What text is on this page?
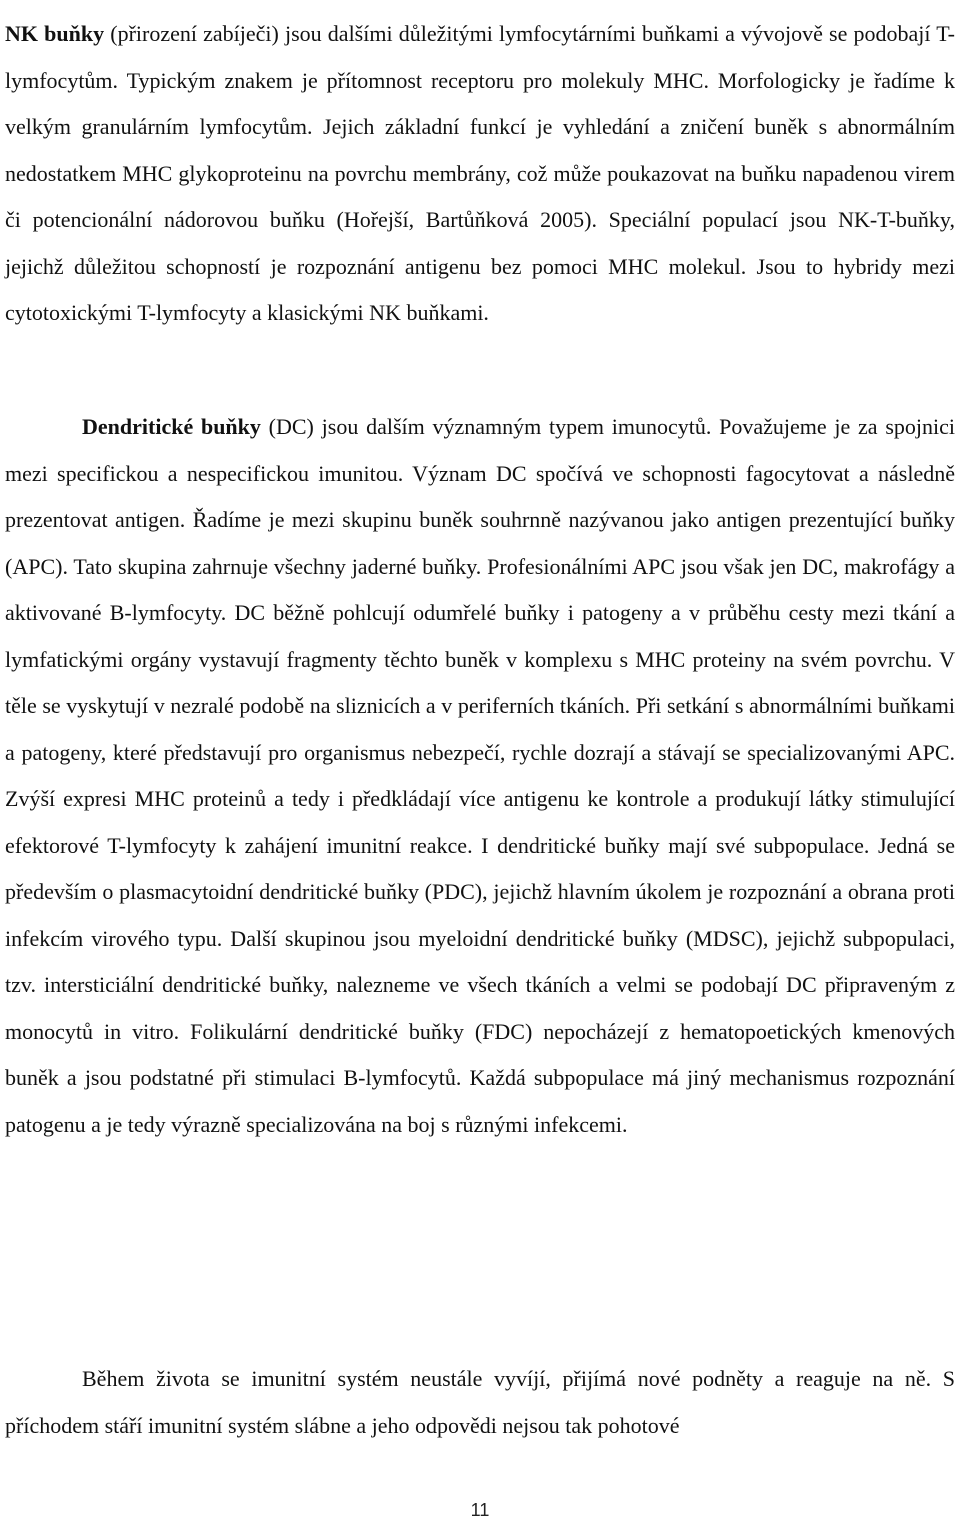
NK buňky (přirození zabíječi) jsou dalšími důležitými lymfocytárními buňkami a vývojově se podobají T-lymfocytům. Typickým znakem je přítomnost receptoru pro molekuly MHC. Morfologicky je řadíme k velkým granulárním lymfocytům. Jejich základní funkcí je vyhledání a zničení buněk s abnormálním nedostatkem MHC glykoproteinu na povrchu membrány, což může poukazovat na buňku napadenou virem či potencionální nádorovou buňku (Hořejší, Bartůňková 2005). Speciální populací jsou NK-T-buňky, jejichž důležitou schopností je rozpoznání antigenu bez pomoci MHC molekul. Jsou to hybridy mezi cytotoxickými T-lymfocyty a klasickými NK buňkami.

Dendritické buňky (DC) jsou dalším významným typem imunocytů. Považujeme je za spojnici mezi specifickou a nespecifickou imunitou. Význam DC spočívá ve schopnosti fagocytovat a následně prezentovat antigen. Řadíme je mezi skupinu buněk souhrnně nazývanou jako antigen prezentující buňky (APC). Tato skupina zahrnuje všechny jaderné buňky. Profesionálními APC jsou však jen DC, makrofágy a aktivované B-lymfocyty. DC běžně pohlcují odumřelé buňky i patogeny a v průběhu cesty mezi tkání a lymfatickými orgány vystavují fragmenty těchto buněk v komplexu s MHC proteiny na svém povrchu. V těle se vyskytují v nezralé podobě na sliznicích a v periferních tkáních. Při setkání s abnormálními buňkami a patogeny, které představují pro organismus nebezpečí, rychle dozrají a stávají se specializovanými APC. Zvýší expresi MHC proteinů a tedy i předkládají více antigenu ke kontrole a produkují látky stimulující efektorové T-lymfocyty k zahájení imunitní reakce. I dendritické buňky mají své subpopulace. Jedná se především o plasmacytoidní dendritické buňky (PDC), jejichž hlavním úkolem je rozpoznání a obrana proti infekcím virového typu. Další skupinou jsou myeloidní dendritické buňky (MDSC), jejichž subpopulaci, tzv. intersticiální dendritické buňky, nalezneme ve všech tkáních a velmi se podobají DC připraveným z monocytů in vitro. Folikulární dendritické buňky (FDC) nepocházejí z hematopoetických kmenových buněk a jsou podstatné při stimulaci B-lymfocytů. Každá subpopulace má jiný mechanismus rozpoznání patogenu a je tedy výrazně specializována na boj s různými infekcemi.

Během života se imunitní systém neustále vyvíjí, přijímá nové podněty a reaguje na ně. S příchodem stáří imunitní systém slábne a jeho odpovědi nejsou tak pohotové

11
